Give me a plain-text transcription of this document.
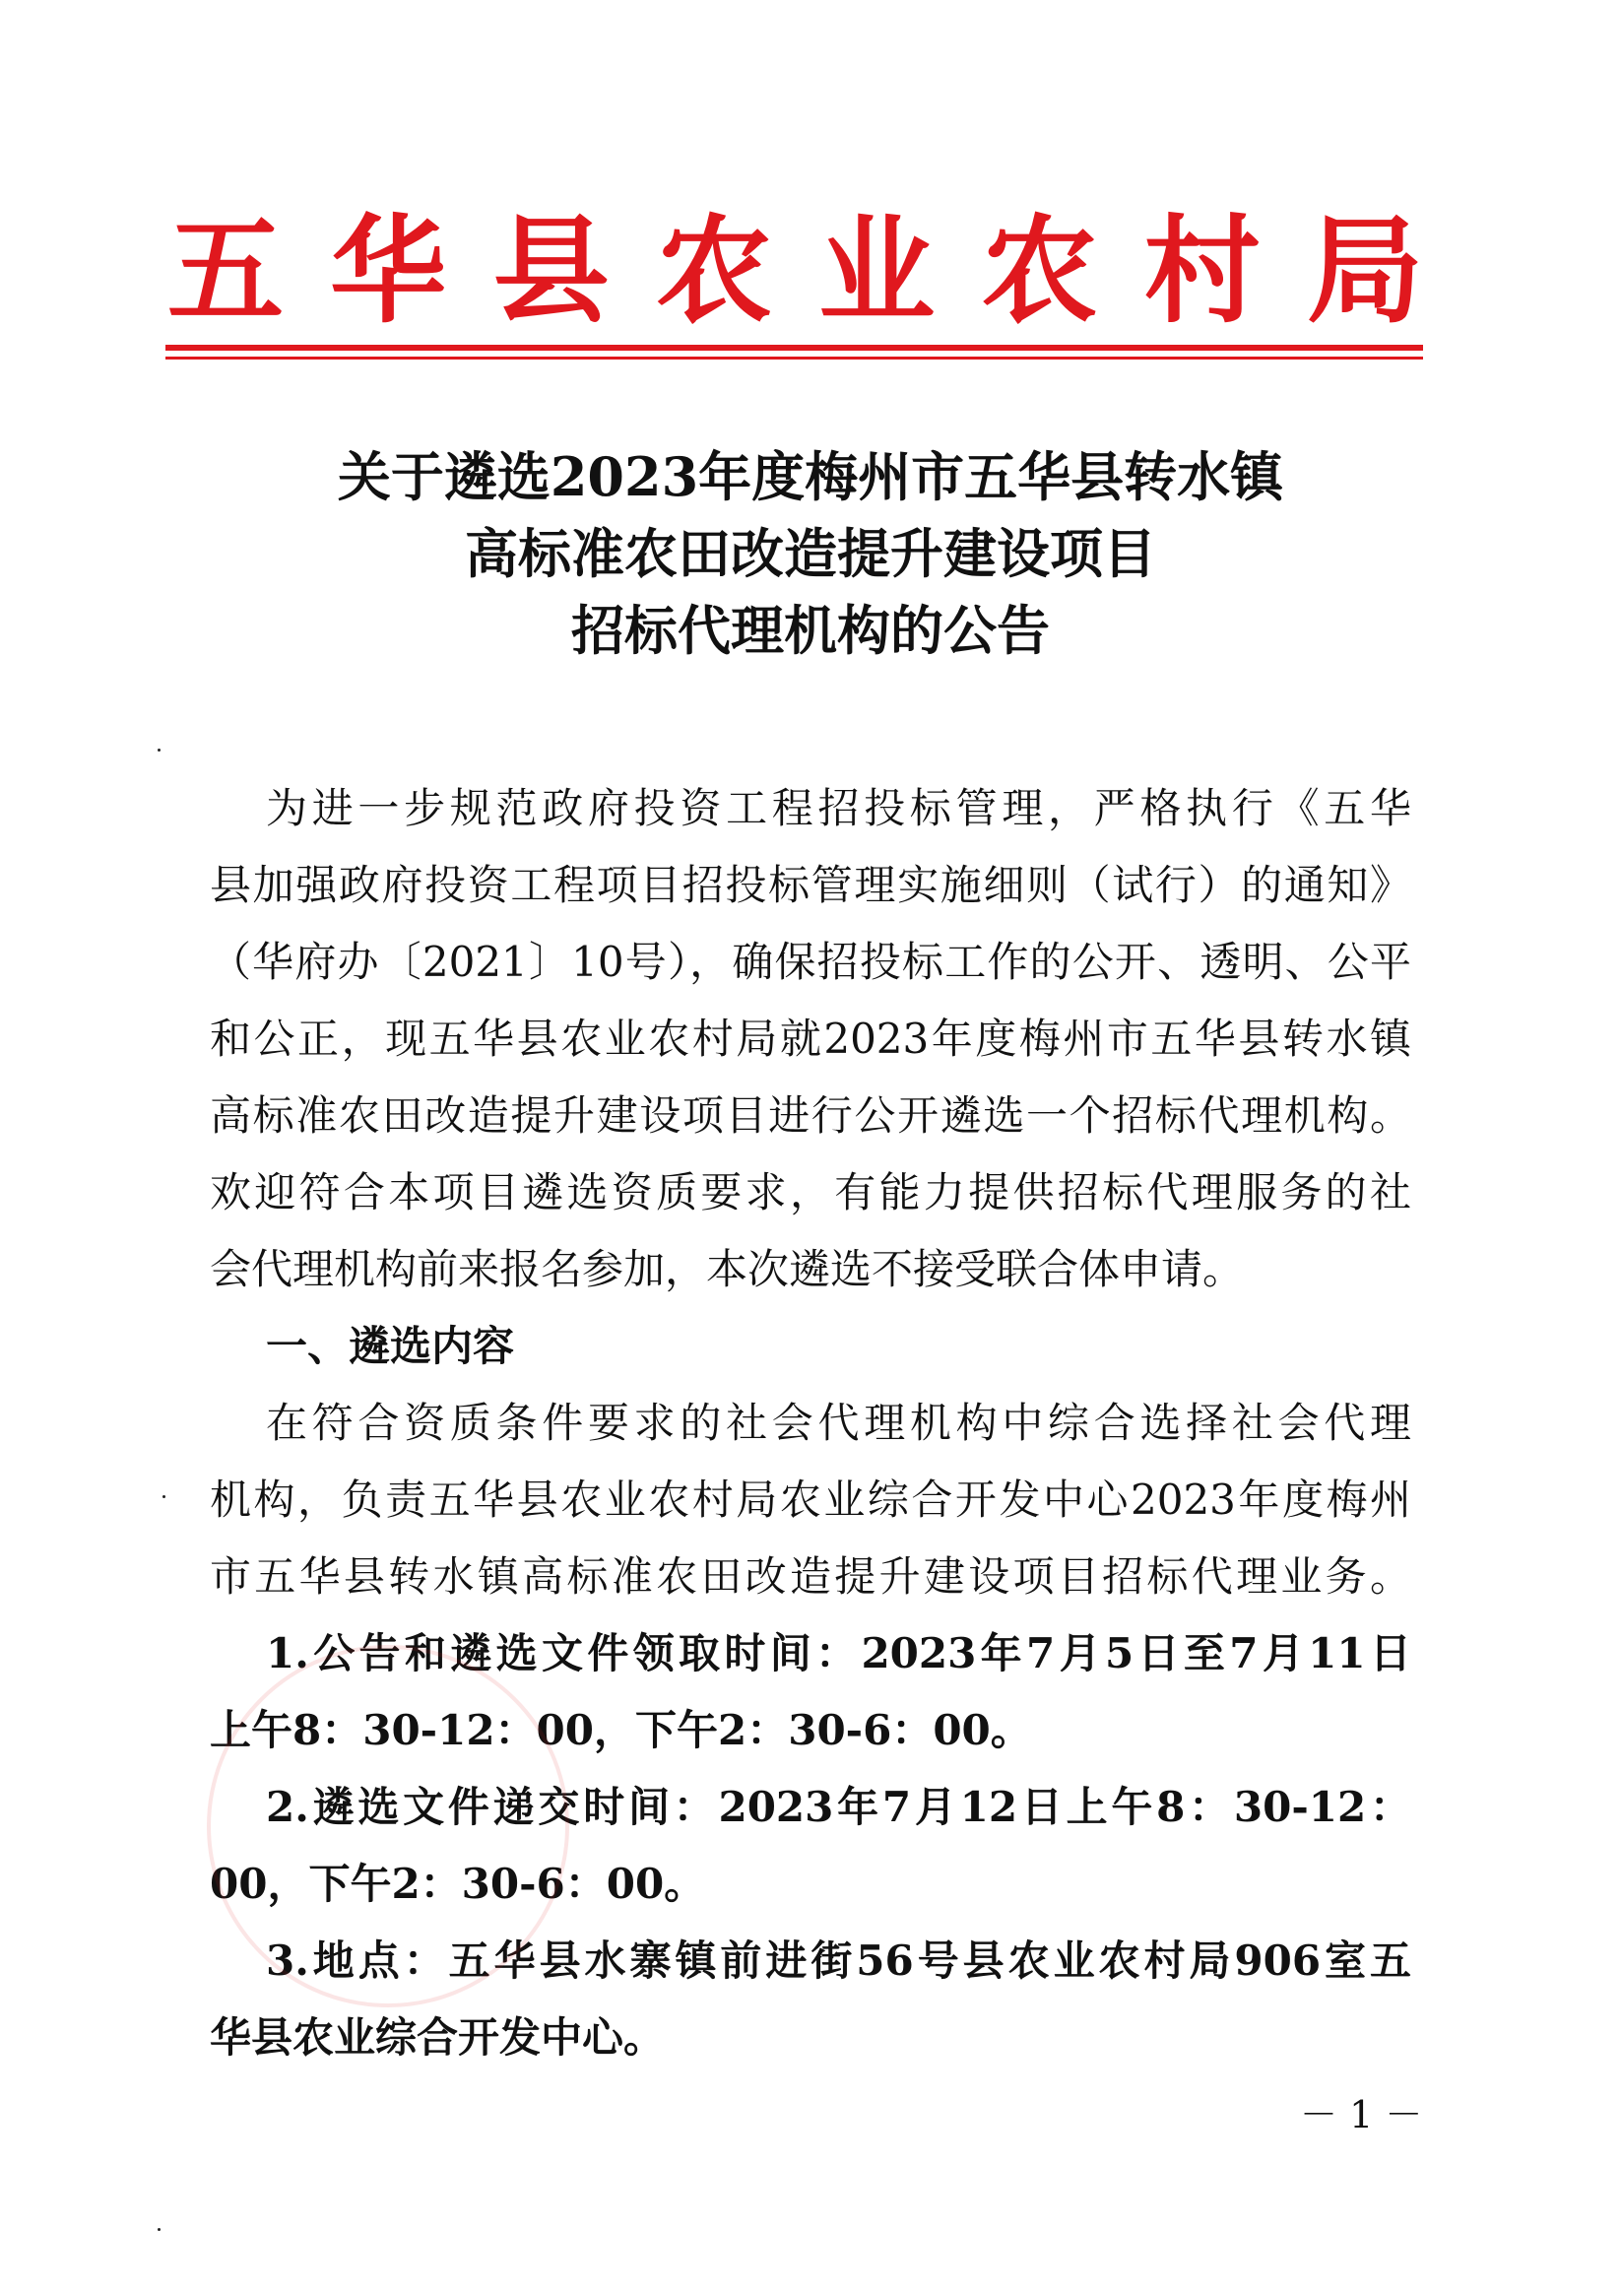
五华县农业农村局
关于遴选2023年度梅州市五华县转水镇
高标准农田改造提升建设项目
招标代理机构的公告
为进一步规范政府投资工程招投标管理，严格执行《五华
县加强政府投资工程项目招投标管理实施细则（试行）的通知》
（华府办〔2021〕10号），确保招投标工作的公开、透明、公平
和公正，现五华县农业农村局就2023年度梅州市五华县转水镇
高标准农田改造提升建设项目进行公开遴选一个招标代理机构。
欢迎符合本项目遴选资质要求，有能力提供招标代理服务的社
会代理机构前来报名参加，本次遴选不接受联合体申请。
一、遴选内容
在符合资质条件要求的社会代理机构中综合选择社会代理
机构，负责五华县农业农村局农业综合开发中心2023年度梅州
市五华县转水镇高标准农田改造提升建设项目招标代理业务。
1.公告和遴选文件领取时间：2023年7月5日至7月11日
上午8：30-12：00，下午2：30-6：00。
2.遴选文件递交时间：2023年7月12日上午8：30-12：
00，下午2：30-6：00。
3.地点：五华县水寨镇前进街56号县农业农村局906室五
华县农业综合开发中心。
－ 1 －
